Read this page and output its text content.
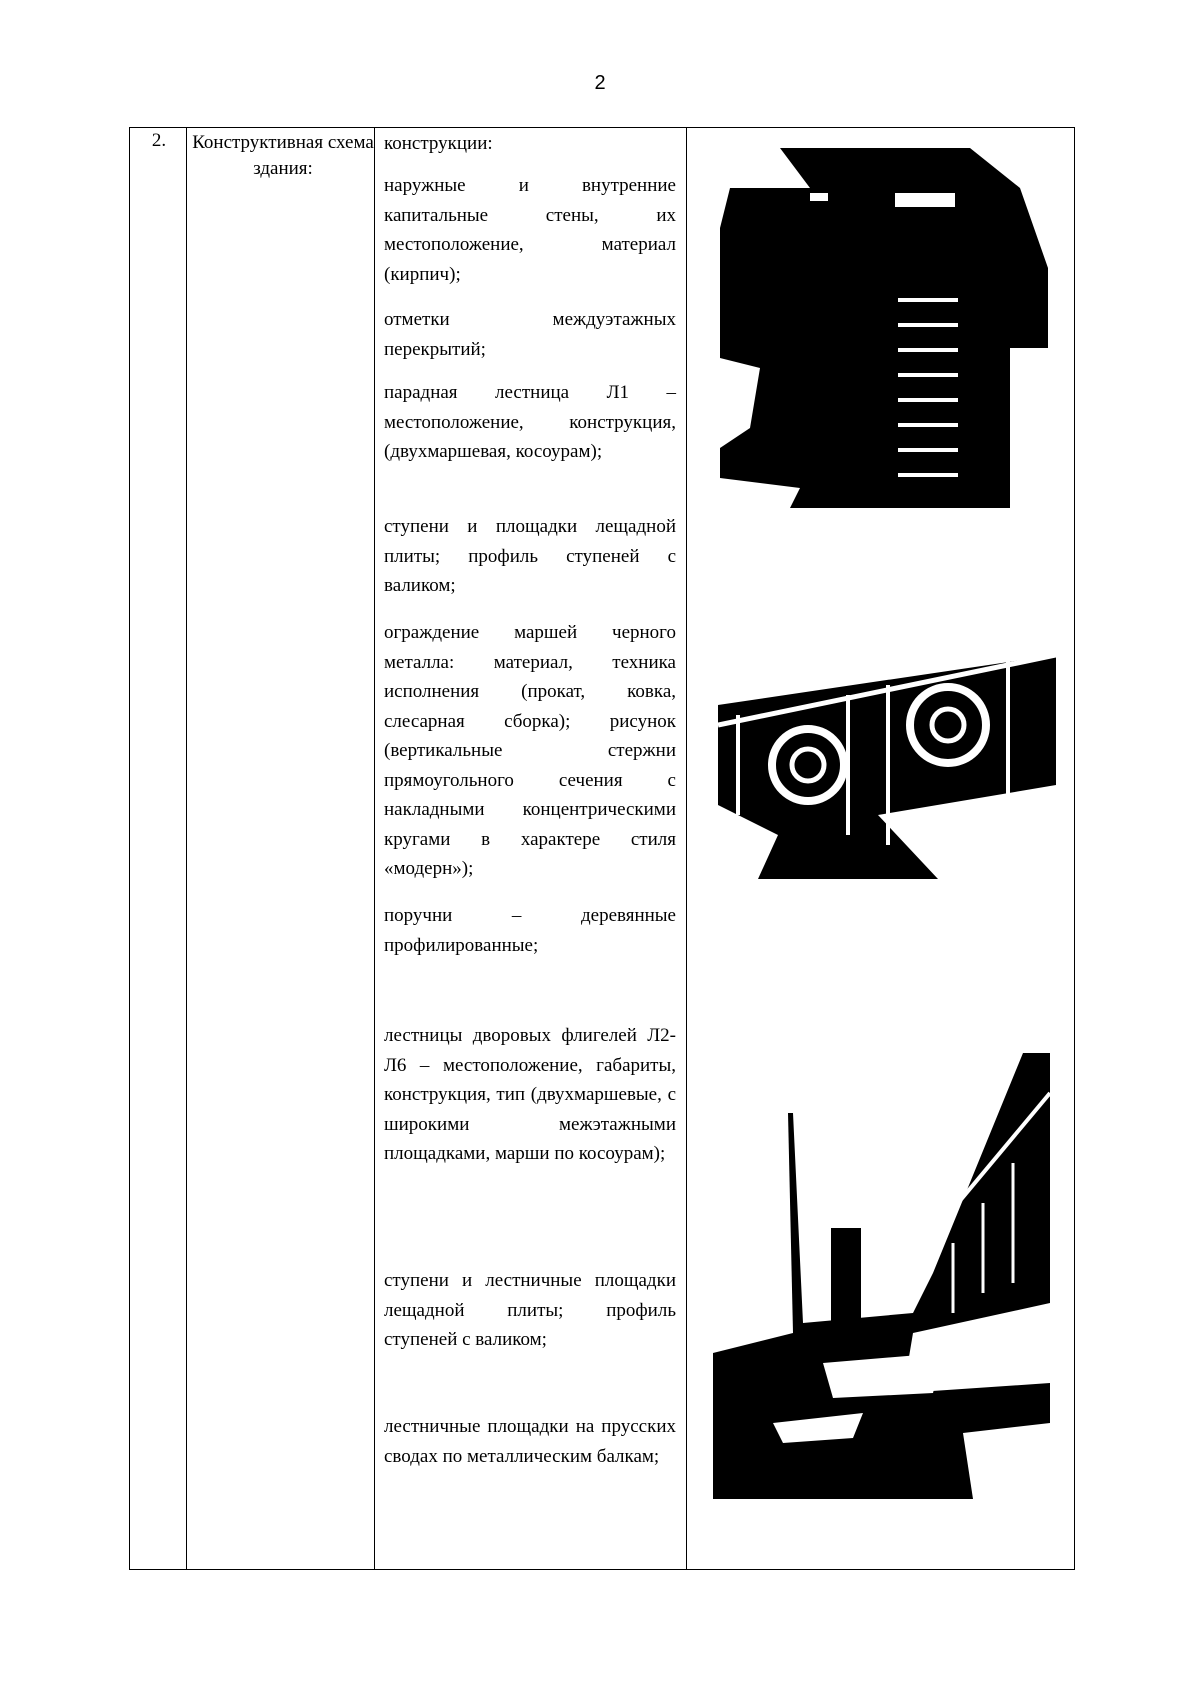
2
2.	Конструктивная схема здания:
конструкции:
наружные и внутренние капитальные стены, их местоположение, материал (кирпич);
отметки междуэтажных перекрытий;
парадная лестница Л1 – местоположение, конструкция, (двухмаршевая, косоурам);
ступени и площадки лещадной плиты; профиль ступеней с валиком;
ограждение маршей черного металла: материал, техника исполнения (прокат, ковка, слесарная сборка); рисунок (вертикальные стержни прямоугольного сечения с накладными концентрическими кругами в характере стиля «модерн»);
поручни – деревянные профилированные;
лестницы дворовых флигелей Л2-Л6 – местоположение, габариты, конструкция, тип (двухмаршевые, с широкими межэтажными площадками, марши по косоурам);
ступени и лестничные площадки лещадной плиты; профиль ступеней с валиком;
лестничные площадки на прусских сводах по металлическим балкам;
